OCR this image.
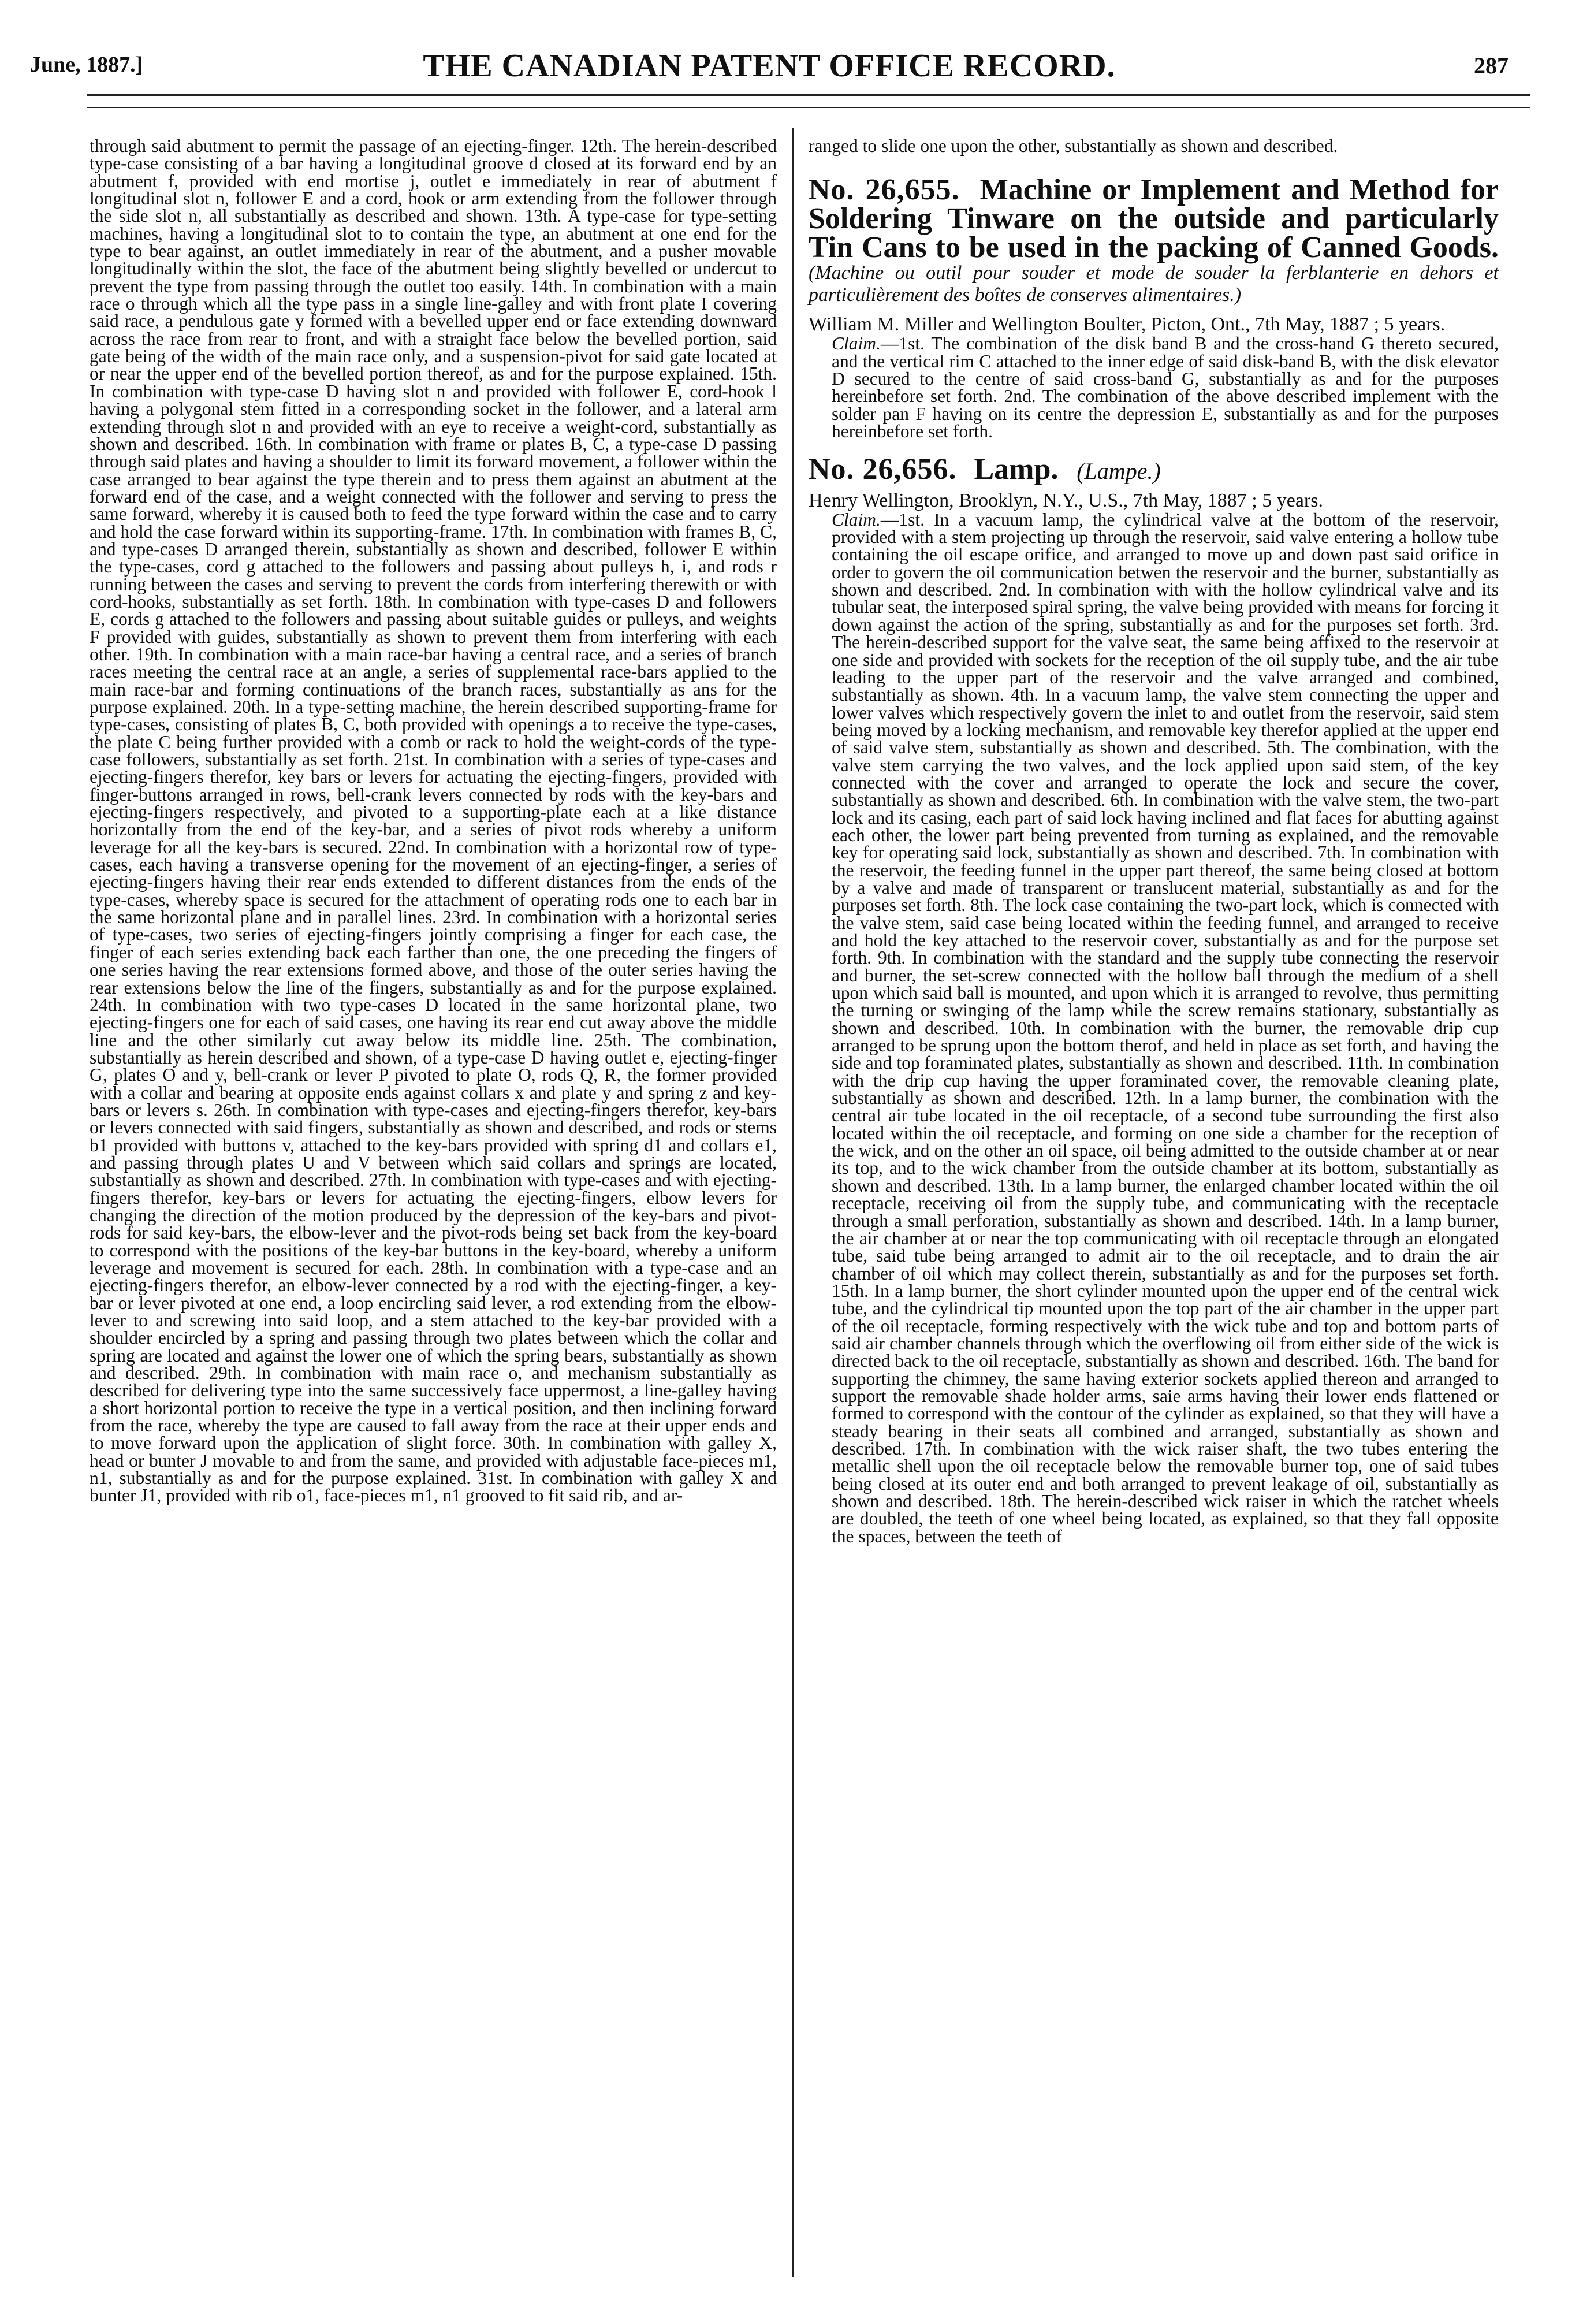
June, 1887.]	THE CANADIAN PATENT OFFICE RECORD.	287

through said abutment to permit the passage of an ejecting-finger. 12th. The herein-described type-case consisting of a bar having a longitudinal groove d closed at its forward end by an abutment f, provided with end mortise j, outlet e immediately in rear of abutment f longitudinal slot n, follower E and a cord, hook or arm extending from the follower through the side slot n, all substantially as described and shown. 13th. A type-case for type-setting machines, having a longitudinal slot to to contain the type, an abutment at one end for the type to bear against, an outlet immediately in rear of the abutment, and a pusher movable longitudinally within the slot, the face of the abutment being slightly bevelled or undercut to prevent the type from passing through the outlet too easily. 14th. In combination with a main race o through which all the type pass in a single line-galley and with front plate I covering said race, a pendulous gate y formed with a bevelled upper end or face extending downward across the race from rear to front, and with a straight face below the bevelled portion, said gate being of the width of the main race only, and a suspension-pivot for said gate located at or near the upper end of the bevelled portion thereof, as and for the purpose explained. 15th. In combination with type-case D having slot n and provided with follower E, cord-hook l having a polygonal stem fitted in a corresponding socket in the follower, and a lateral arm extending through slot n and provided with an eye to receive a weight-cord, substantially as shown and described. 16th. In combination with frame or plates B, C, a type-case D passing through said plates and having a shoulder to limit its forward movement, a follower within the case arranged to bear against the type therein and to press them against an abutment at the forward end of the case, and a weight connected with the follower and serving to press the same forward, whereby it is caused both to feed the type forward within the case and to carry and hold the case forward within its supporting-frame. 17th. In combination with frames B, C, and type-cases D arranged therein, substantially as shown and described, follower E within the type-cases, cord g attached to the followers and passing about pulleys h, i, and rods r running between the cases and serving to prevent the cords from interfering therewith or with cord-hooks, substantially as set forth. 18th. In combination with type-cases D and followers E, cords g attached to the followers and passing about suitable guides or pulleys, and weights F provided with guides, substantially as shown to prevent them from interfering with each other. 19th. In combination with a main race-bar having a central race, and a series of branch races meeting the central race at an angle, a series of supplemental race-bars applied to the main race-bar and forming continuations of the branch races, substantially as ans for the purpose explained. 20th. In a type-setting machine, the herein described supporting-frame for type-cases, consisting of plates B, C, both provided with openings a to receive the type-cases, the plate C being further provided with a comb or rack to hold the weight-cords of the type-case followers, substantially as set forth. 21st. In combination with a series of type-cases and ejecting-fingers therefor, key bars or levers for actuating the ejecting-fingers, provided with finger-buttons arranged in rows, bell-crank levers connected by rods with the key-bars and ejecting-fingers respectively, and pivoted to a supporting-plate each at a like distance horizontally from the end of the key-bar, and a series of pivot rods whereby a uniform leverage for all the key-bars is secured. 22nd. In combination with a horizontal row of type-cases, each having a transverse opening for the movement of an ejecting-finger, a series of ejecting-fingers having their rear ends extended to different distances from the ends of the type-cases, whereby space is secured for the attachment of operating rods one to each bar in the same horizontal plane and in parallel lines. 23rd. In combination with a horizontal series of type-cases, two series of ejecting-fingers jointly comprising a finger for each case, the finger of each series extending back each farther than one, the one preceding the fingers of one series having the rear extensions formed above, and those of the outer series having the rear extensions below the line of the fingers, substantially as and for the purpose explained. 24th. In combination with two type-cases D located in the same horizontal plane, two ejecting-fingers one for each of said cases, one having its rear end cut away above the middle line and the other similarly cut away below its middle line. 25th. The combination, substantially as herein described and shown, of a type-case D having outlet e, ejecting-finger G, plates O and y, bell-crank or lever P pivoted to plate O, rods Q, R, the former provided with a collar and bearing at opposite ends against collars x and plate y and spring z and key-bars or levers s. 26th. In combination with type-cases and ejecting-fingers therefor, key-bars or levers connected with said fingers, substantially as shown and described, and rods or stems b1 provided with buttons v, attached to the key-bars provided with spring d1 and collars e1, and passing through plates U and V between which said collars and springs are located, substantially as shown and described. 27th. In combination with type-cases and with ejecting-fingers therefor, key-bars or levers for actuating the ejecting-fingers, elbow levers for changing the direction of the motion produced by the depression of the key-bars and pivot-rods for said key-bars, the elbow-lever and the pivot-rods being set back from the key-board to correspond with the positions of the key-bar buttons in the key-board, whereby a uniform leverage and movement is secured for each. 28th. In combination with a type-case and an ejecting-fingers therefor, an elbow-lever connected by a rod with the ejecting-finger, a key-bar or lever pivoted at one end, a loop encircling said lever, a rod extending from the elbow-lever to and screwing into said loop, and a stem attached to the key-bar provided with a shoulder encircled by a spring and passing through two plates between which the collar and spring are located and against the lower one of which the spring bears, substantially as shown and described. 29th. In combination with main race o, and mechanism substantially as described for delivering type into the same successively face uppermost, a line-galley having a short horizontal portion to receive the type in a vertical position, and then inclining forward from the race, whereby the type are caused to fall away from the race at their upper ends and to move forward upon the application of slight force. 30th. In combination with galley X, head or bunter J movable to and from the same, and provided with adjustable face-pieces m1, n1, substantially as and for the purpose explained. 31st. In combination with galley X and bunter J1, provided with rib o1, face-pieces m1, n1 grooved to fit said rib, and ar-

ranged to slide one upon the other, substantially as shown and described.

No. 26,655. Machine or Implement and Method for Soldering Tinware on the outside and particularly Tin Cans to be used in the packing of Canned Goods. (Machine ou outil pour souder et mode de souder la ferblanterie en dehors et particulièrement des boîtes de conserves alimentaires.)

William M. Miller and Wellington Boulter, Picton, Ont., 7th May, 1887 ; 5 years.

Claim.—1st. The combination of the disk band B and the cross-hand G thereto secured, and the vertical rim C attached to the inner edge of said disk-band B, with the disk elevator D secured to the centre of said cross-band G, substantially as and for the purposes hereinbefore set forth. 2nd. The combination of the above described implement with the solder pan F having on its centre the depression E, substantially as and for the purposes hereinbefore set forth.

No. 26,656. Lamp. (Lampe.)

Henry Wellington, Brooklyn, N.Y., U.S., 7th May, 1887 ; 5 years.

Claim.—1st. In a vacuum lamp, the cylindrical valve at the bottom of the reservoir, provided with a stem projecting up through the reservoir, said valve entering a hollow tube containing the oil escape orifice, and arranged to move up and down past said orifice in order to govern the oil communication betwen the reservoir and the burner, substantially as shown and described. 2nd. In combination with with the hollow cylindrical valve and its tubular seat, the interposed spiral spring, the valve being provided with means for forcing it down against the action of the spring, substantially as and for the purposes set forth. 3rd. The herein-described support for the valve seat, the same being affixed to the reservoir at one side and provided with sockets for the reception of the oil supply tube, and the air tube leading to the upper part of the reservoir and the valve arranged and combined, substantially as shown. 4th. In a vacuum lamp, the valve stem connecting the upper and lower valves which respectively govern the inlet to and outlet from the reservoir, said stem being moved by a locking mechanism, and removable key therefor applied at the upper end of said valve stem, substantially as shown and described. 5th. The combination, with the valve stem carrying the two valves, and the lock applied upon said stem, of the key connected with the cover and arranged to operate the lock and secure the cover, substantially as shown and described. 6th. In combination with the valve stem, the two-part lock and its casing, each part of said lock having inclined and flat faces for abutting against each other, the lower part being prevented from turning as explained, and the removable key for operating said lock, substantially as shown and described. 7th. In combination with the reservoir, the feeding funnel in the upper part thereof, the same being closed at bottom by a valve and made of transparent or translucent material, substantially as and for the purposes set forth. 8th. The lock case containing the two-part lock, which is connected with the valve stem, said case being located within the feeding funnel, and arranged to receive and hold the key attached to the reservoir cover, substantially as and for the purpose set forth. 9th. In combination with the standard and the supply tube connecting the reservoir and burner, the set-screw connected with the hollow ball through the medium of a shell upon which said ball is mounted, and upon which it is arranged to revolve, thus permitting the turning or swinging of the lamp while the screw remains stationary, substantially as shown and described. 10th. In combination with the burner, the removable drip cup arranged to be sprung upon the bottom therof, and held in place as set forth, and having the side and top foraminated plates, substantially as shown and described. 11th. In combination with the drip cup having the upper foraminated cover, the removable cleaning plate, substantially as shown and described. 12th. In a lamp burner, the combination with the central air tube located in the oil receptacle, of a second tube surrounding the first also located within the oil receptacle, and forming on one side a chamber for the reception of the wick, and on the other an oil space, oil being admitted to the outside chamber at or near its top, and to the wick chamber from the outside chamber at its bottom, substantially as shown and described. 13th. In a lamp burner, the enlarged chamber located within the oil receptacle, receiving oil from the supply tube, and communicating with the receptacle through a small perforation, substantially as shown and described. 14th. In a lamp burner, the air chamber at or near the top communicating with oil receptacle through an elongated tube, said tube being arranged to admit air to the oil receptacle, and to drain the air chamber of oil which may collect therein, substantially as and for the purposes set forth. 15th. In a lamp burner, the short cylinder mounted upon the upper end of the central wick tube, and the cylindrical tip mounted upon the top part of the air chamber in the upper part of the oil receptacle, forming respectively with the wick tube and top and bottom parts of said air chamber channels through which the overflowing oil from either side of the wick is directed back to the oil receptacle, substantially as shown and described. 16th. The band for supporting the chimney, the same having exterior sockets applied thereon and arranged to support the removable shade holder arms, saie arms having their lower ends flattened or formed to correspond with the contour of the cylinder as explained, so that they will have a steady bearing in their seats all combined and arranged, substantially as shown and described. 17th. In combination with the wick raiser shaft, the two tubes entering the metallic shell upon the oil receptacle below the removable burner top, one of said tubes being closed at its outer end and both arranged to prevent leakage of oil, substantially as shown and described. 18th. The herein-described wick raiser in which the ratchet wheels are doubled, the teeth of one wheel being located, as explained, so that they fall opposite the spaces, between the teeth of
